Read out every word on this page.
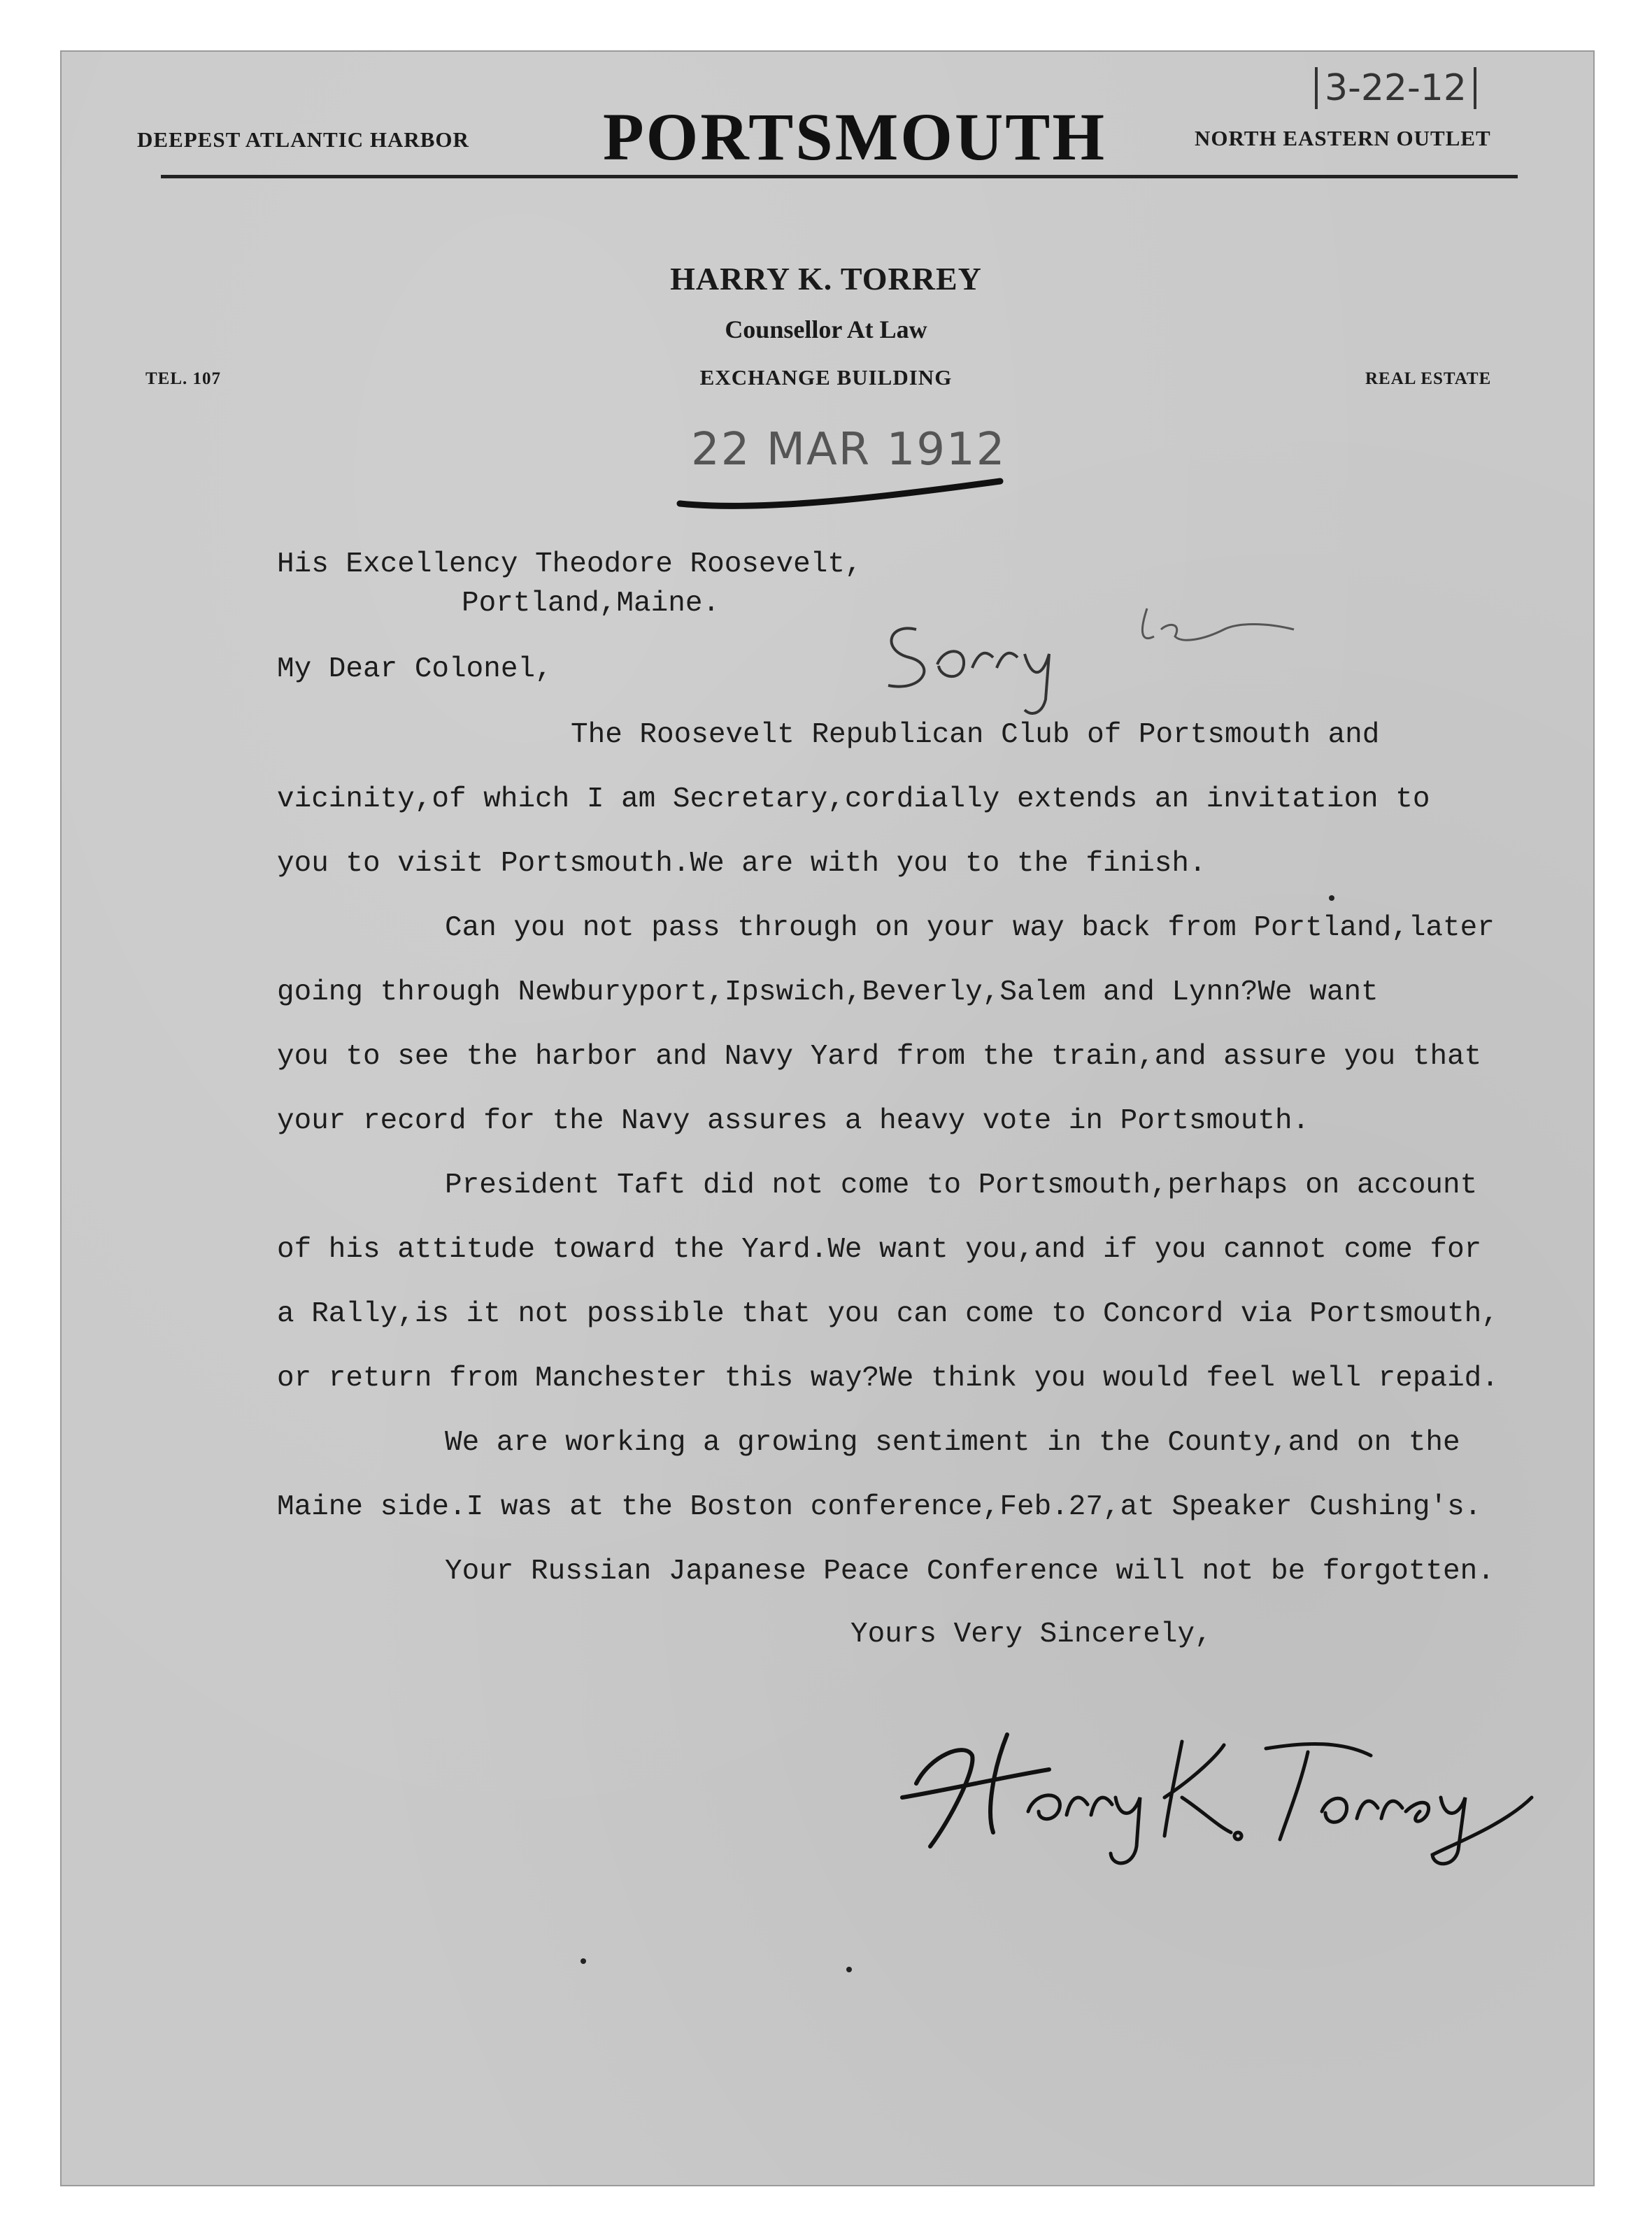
DEEPEST ATLANTIC HARBOR PORTSMOUTH	NORTH EASTERN OUTLET
3-22-12
HARRY K. TORREY
Counsellor At Law
EXCHANGE BUILDING
TEL. 107	REAL ESTATE
22 MAR 1912
His Excellency Theodore Roosevelt,
Portland,Maine.
My Dear Colonel,
The Roosevelt Republican Club of Portsmouth and
vicinity,of which I am Secretary,cordially extends an invitation to
you to visit Portsmouth.We are with you to the finish.
Can you not pass through on your way back from Portland,later
going through Newburyport,Ipswich,Beverly,Salem and Lynn?We want
you to see the harbor and Navy Yard from the train,and assure you that
your record for the Navy assures a heavy vote in Portsmouth.
President Taft did not come to Portsmouth,perhaps on account
of his attitude toward the Yard.We want you,and if you cannot come for
a Rally,is it not possible that you can come to Concord via Portsmouth,
or return from Manchester this way?We think you would feel well repaid.
We are working a growing sentiment in the County,and on the
Maine side.I was at the Boston conference,Feb.27,at Speaker Cushing's.
Your Russian Japanese Peace Conference will not be forgotten.
Yours Very Sincerely,
